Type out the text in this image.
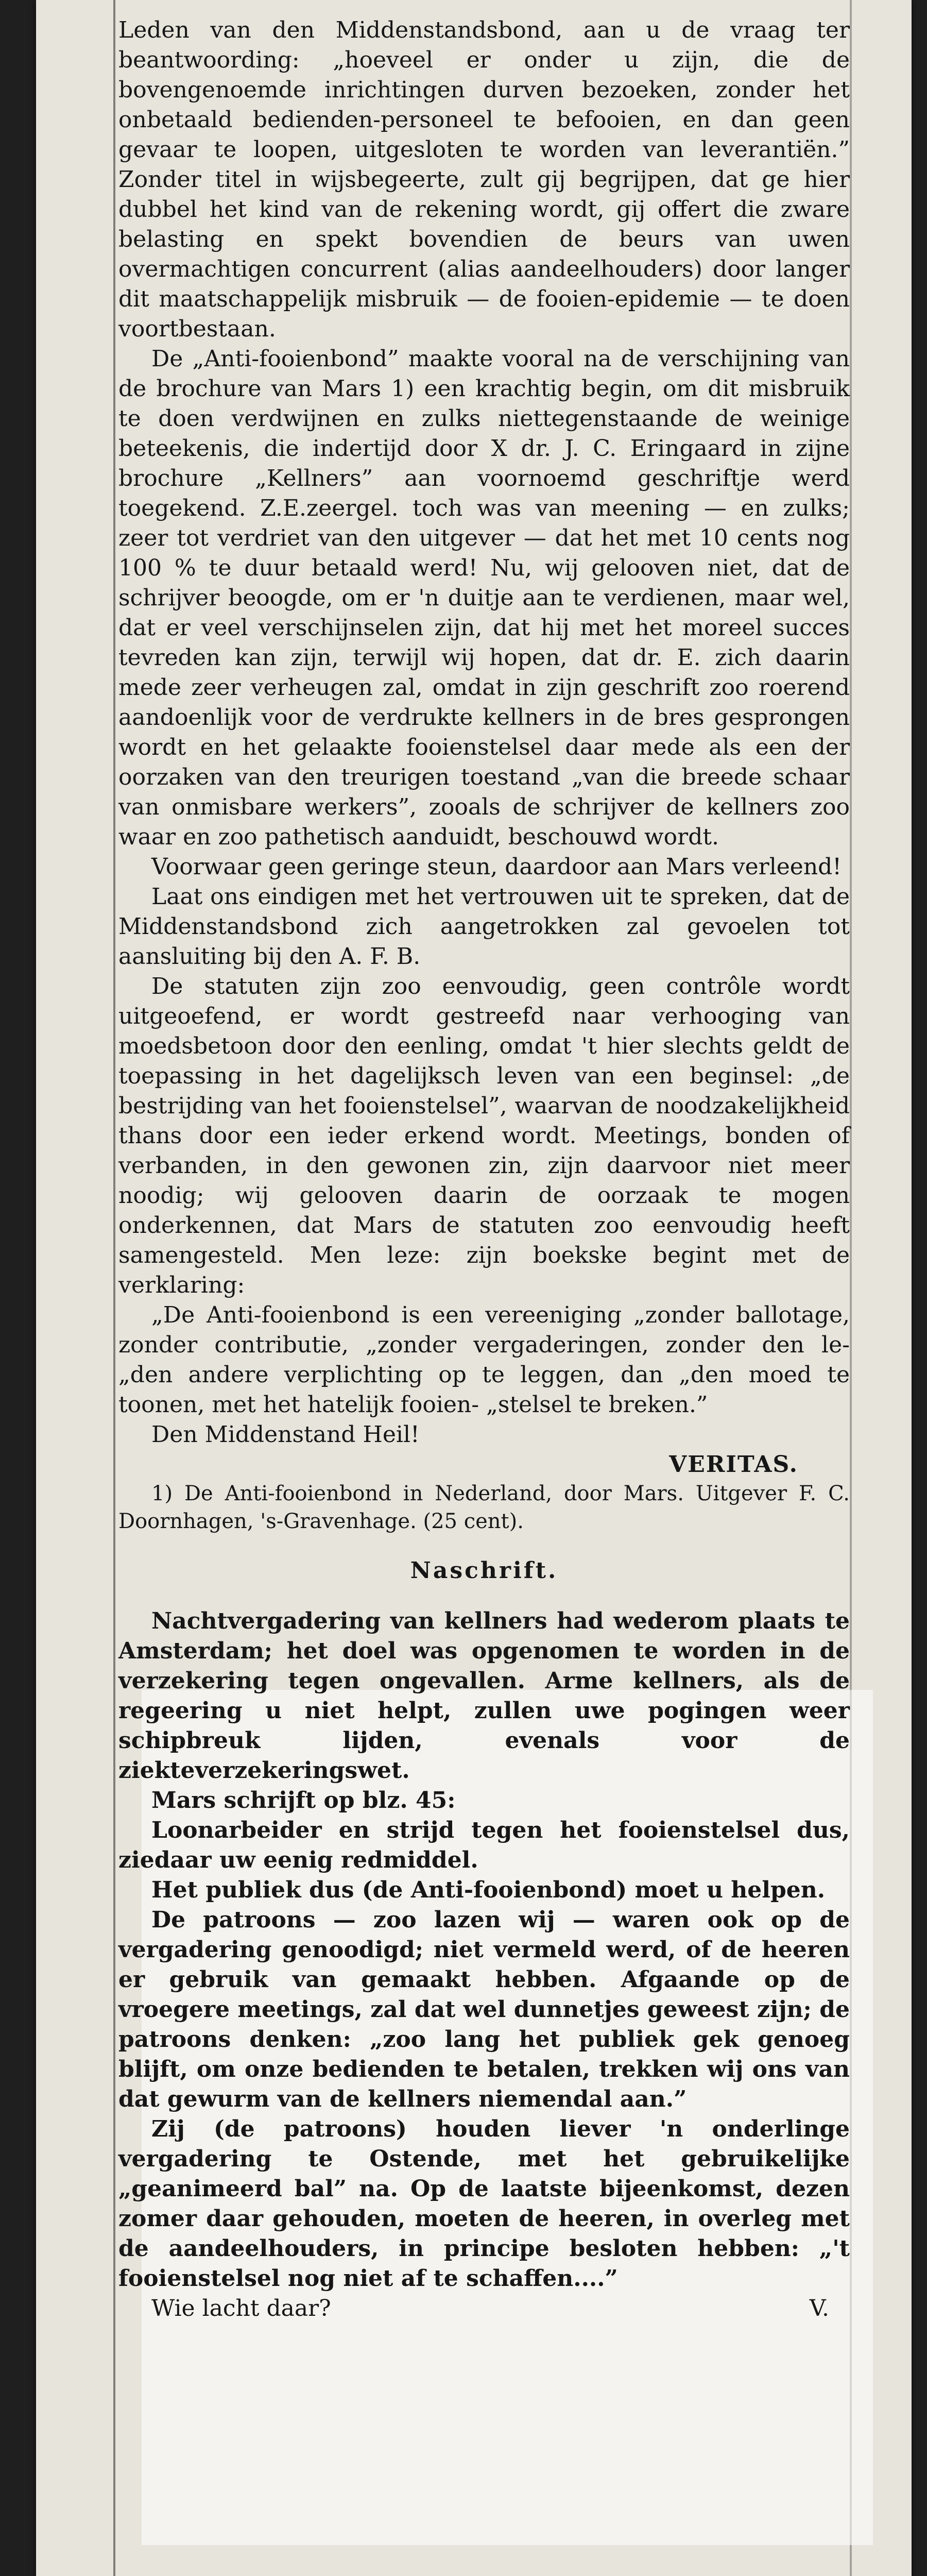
Leden van den Middenstandsbond, aan u de vraag ter beantwoording: „hoeveel er onder u zijn, die de bovengenoemde inrichtingen durven bezoeken, zonder het onbetaald bedienden-personeel te befooien, en dan geen gevaar te loopen, uitgesloten te worden van leverantiën.” Zonder titel in wijsbegeerte, zult gij begrijpen, dat ge hier dubbel het kind van de rekening wordt, gij offert die zware belasting en spekt bovendien de beurs van uwen overmachtigen concurrent (alias aandeelhouders) door langer dit maatschappelijk misbruik — de fooien-epidemie — te doen voortbestaan.

De „Anti-fooienbond” maakte vooral na de verschijning van de brochure van Mars 1) een krachtig begin, om dit misbruik te doen verdwijnen en zulks niettegenstaande de weinige beteekenis, die indertijd door X dr. J. C. Eringaard in zijne brochure „Kellners” aan voornoemd geschriftje werd toegekend. Z.E.zeergel. toch was van meening — en zulks; zeer tot verdriet van den uitgever — dat het met 10 cents nog 100 % te duur betaald werd! Nu, wij gelooven niet, dat de schrijver beoogde, om er 'n duitje aan te verdienen, maar wel, dat er veel verschijnselen zijn, dat hij met het moreel succes tevreden kan zijn, terwijl wij hopen, dat dr. E. zich daarin mede zeer verheugen zal, omdat in zijn geschrift zoo roerend aandoenlijk voor de verdrukte kellners in de bres gesprongen wordt en het gelaakte fooienstelsel daar mede als een der oorzaken van den treurigen toestand „van die breede schaar van onmisbare werkers”, zooals de schrijver de kellners zoo waar en zoo pathetisch aanduidt, beschouwd wordt.

Voorwaar geen geringe steun, daardoor aan Mars verleend!

Laat ons eindigen met het vertrouwen uit te spreken, dat de Middenstandsbond zich aangetrokken zal gevoelen tot aansluiting bij den A. F. B.

De statuten zijn zoo eenvoudig, geen contrôle wordt uitgeoefend, er wordt gestreefd naar verhooging van moedsbetoon door den eenling, omdat 't hier slechts geldt de toepassing in het dagelijksch leven van een beginsel: „de bestrijding van het fooienstelsel”, waarvan de noodzakelijkheid thans door een ieder erkend wordt. Meetings, bonden of verbanden, in den gewonen zin, zijn daarvoor niet meer noodig; wij gelooven daarin de oorzaak te mogen onderkennen, dat Mars de statuten zoo eenvoudig heeft samengesteld. Men leze: zijn boekske begint met de verklaring:

„De Anti-fooienbond is een vereeniging „zonder ballotage, zonder contributie, „zonder vergaderingen, zonder den le- „den andere verplichting op te leggen, dan „den moed te toonen, met het hatelijk fooien- „stelsel te breken.”

Den Middenstand Heil!
VERITAS.

1) De Anti-fooienbond in Nederland, door Mars. Uitgever F. C. Doornhagen, 's-Gravenhage. (25 cent).

Naschrift.

Nachtvergadering van kellners had wederom plaats te Amsterdam; het doel was opgenomen te worden in de verzekering tegen ongevallen. Arme kellners, als de regeering u niet helpt, zullen uwe pogingen weer schipbreuk lijden, evenals voor de ziekteverzekeringswet.

Mars schrijft op blz. 45:

Loonarbeider en strijd tegen het fooienstelsel dus, ziedaar uw eenig redmiddel.

Het publiek dus (de Anti-fooienbond) moet u helpen.

De patroons — zoo lazen wij — waren ook op de vergadering genoodigd; niet vermeld werd, of de heeren er gebruik van gemaakt hebben. Afgaande op de vroegere meetings, zal dat wel dunnetjes geweest zijn; de patroons denken: „zoo lang het publiek gek genoeg blijft, om onze bedienden te betalen, trekken wij ons van dat gewurm van de kellners niemendal aan.”

Zij (de patroons) houden liever 'n onderlinge vergadering te Ostende, met het gebruikelijke „geanimeerd bal” na. Op de laatste bijeenkomst, dezen zomer daar gehouden, moeten de heeren, in overleg met de aandeelhouders, in principe besloten hebben: „'t fooienstelsel nog niet af te schaffen....”

Wie lacht daar?	V.
